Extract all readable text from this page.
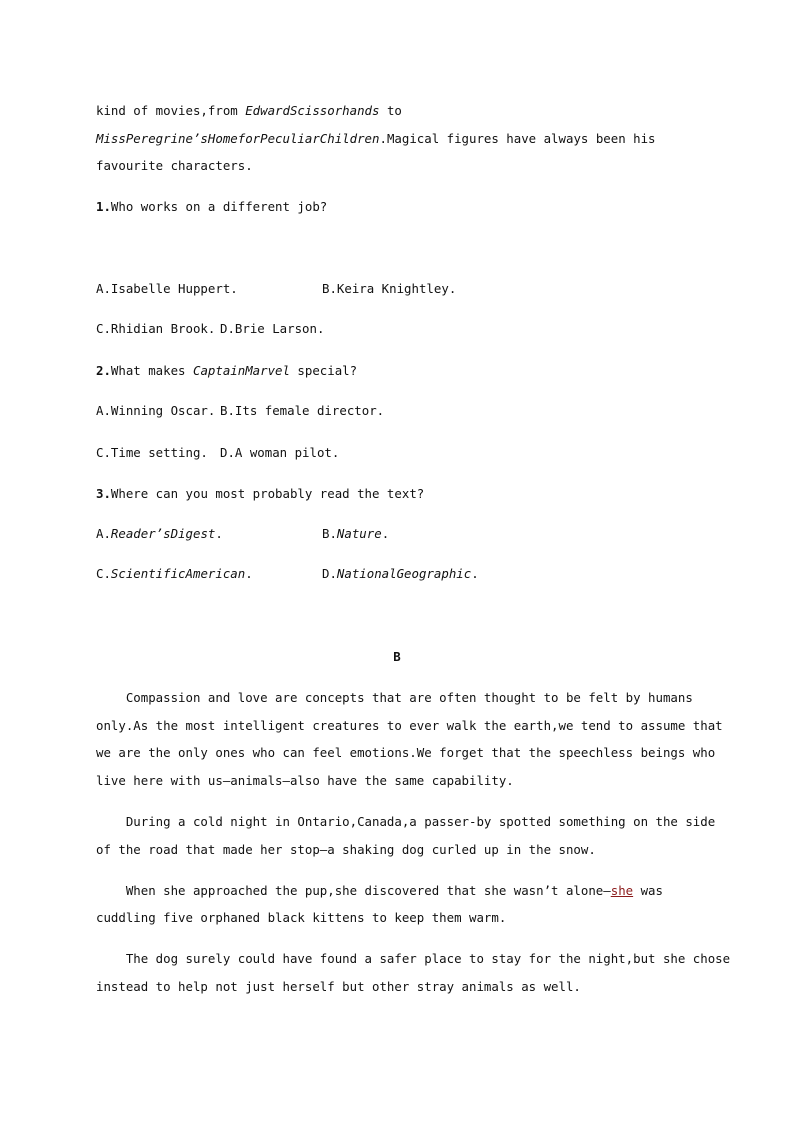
kind of movies,from EdwardScissorhands to
MissPeregrine’sHomeforPeculiarChildren.Magical figures have always been his
favourite characters.
1.Who works on a different job?
A.Isabelle Huppert.	B.Keira Knightley.
C.Rhidian Brook. D.Brie Larson.
2.What makes CaptainMarvel special?
A.Winning Oscar. B.Its female director.
C.Time setting. D.A woman pilot.
3.Where can you most probably read the text?
A.Reader’sDigest.	B.Nature.
C.ScientificAmerican.	D.NationalGeographic.
B
Compassion and love are concepts that are often thought to be felt by humans
only.As the most intelligent creatures to ever walk the earth,we tend to assume that
we are the only ones who can feel emotions.We forget that the speechless beings who
live here with us—animals—also have the same capability.
During a cold night in Ontario,Canada,a passer-by spotted something on the side
of the road that made her stop—a shaking dog curled up in the snow.
When she approached the pup,she discovered that she wasn’t alone—she was
cuddling five orphaned black kittens to keep them warm.
The dog surely could have found a safer place to stay for the night,but she chose
instead to help not just herself but other stray animals as well.
